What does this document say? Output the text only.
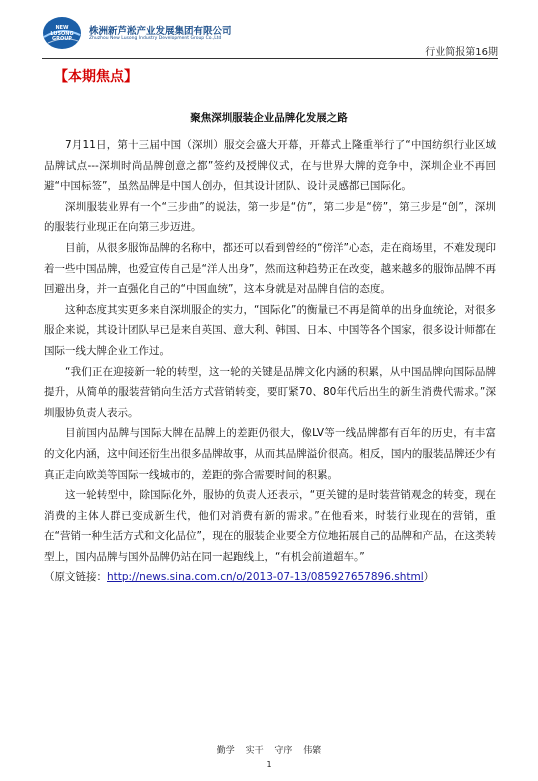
NEW
LUSONG
GROUP
株洲新芦淞产业发展集团有限公司
Zhuzhou New Lusong Industry Development Group Co.,Ltd
行业简报第16期
【本期焦点】
聚焦深圳服装企业品牌化发展之路

7月11日，第十三届中国（深圳）服交会盛大开幕，开幕式上隆重举行了“中国纺织行业区域品牌试点---深圳时尚品牌创意之都”签约及授牌仪式，在与世界大牌的竞争中，深圳企业不再回避“中国标签”，虽然品牌是中国人创办，但其设计团队、设计灵感都已国际化。

深圳服装业界有一个“三步曲”的说法，第一步是“仿”，第二步是“傍”，第三步是“创”，深圳的服装行业现正在向第三步迈进。

目前，从很多服饰品牌的名称中，都还可以看到曾经的“傍洋”心态，走在商场里，不难发现印着一些中国品牌，也爱宣传自己是“洋人出身”，然而这种趋势正在改变，越来越多的服饰品牌不再回避出身，并一直强化自己的“中国血统”，这本身就是对品牌自信的态度。

这种态度其实更多来自深圳服企的实力，“国际化”的衡量已不再是简单的出身血统论，对很多服企来说，其设计团队早已是来自英国、意大利、韩国、日本、中国等各个国家，很多设计师都在国际一线大牌企业工作过。

“我们正在迎接新一轮的转型，这一轮的关键是品牌文化内涵的积累，从中国品牌向国际品牌提升，从简单的服装营销向生活方式营销转变，要盯紧70、80年代后出生的新生消费代需求。”深圳服协负责人表示。

目前国内品牌与国际大牌在品牌上的差距仍很大，像LV等一线品牌都有百年的历史，有丰富的文化内涵，这中间还衍生出很多品牌故事，从而其品牌溢价很高。相反，国内的服装品牌还少有真正走向欧美等国际一线城市的，差距的弥合需要时间的积累。

这一轮转型中，除国际化外，服协的负责人还表示，“更关键的是时装营销观念的转变，现在消费的主体人群已变成新生代，他们对消费有新的需求。”在他看来，时装行业现在的营销，重在“营销一种生活方式和文化品位”，现在的服装企业要全方位地拓展自己的品牌和产品，在这类转型上，国内品牌与国外品牌仍站在同一起跑线上，“有机会前道超车。”

（原文链接：http://news.sina.com.cn/o/2013-07-13/085927657896.shtml）
勤学 实干 守序 伟綮
1
